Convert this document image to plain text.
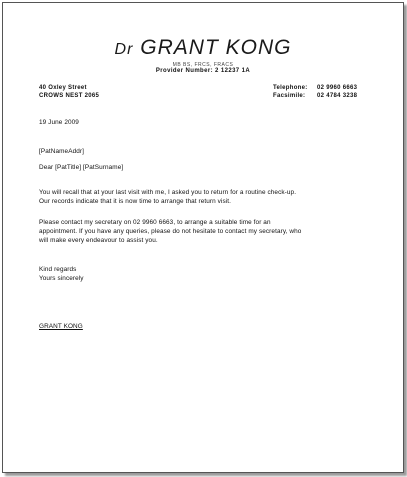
Dr GRANT KONG
MB BS, FRCS, FRACS
Provider Number: 2 12237 1A
40 Oxley Street
CROWS NEST 2065
Telephone: 02 9960 6663
Facsimile: 02 4784 3238
19 June 2009
[PatNameAddr]
Dear [PatTitle] [PatSurname]
You will recall that at your last visit with me, I asked you to return for a routine check-up.
Our records indicate that it is now time to arrange that return visit.
Please contact my secretary on 02 9960 6663, to arrange a suitable time for an
appointment. If you have any queries, please do not hesitate to contact my secretary, who
will make every endeavour to assist you.
Kind regards
Yours sincerely
GRANT KONG
